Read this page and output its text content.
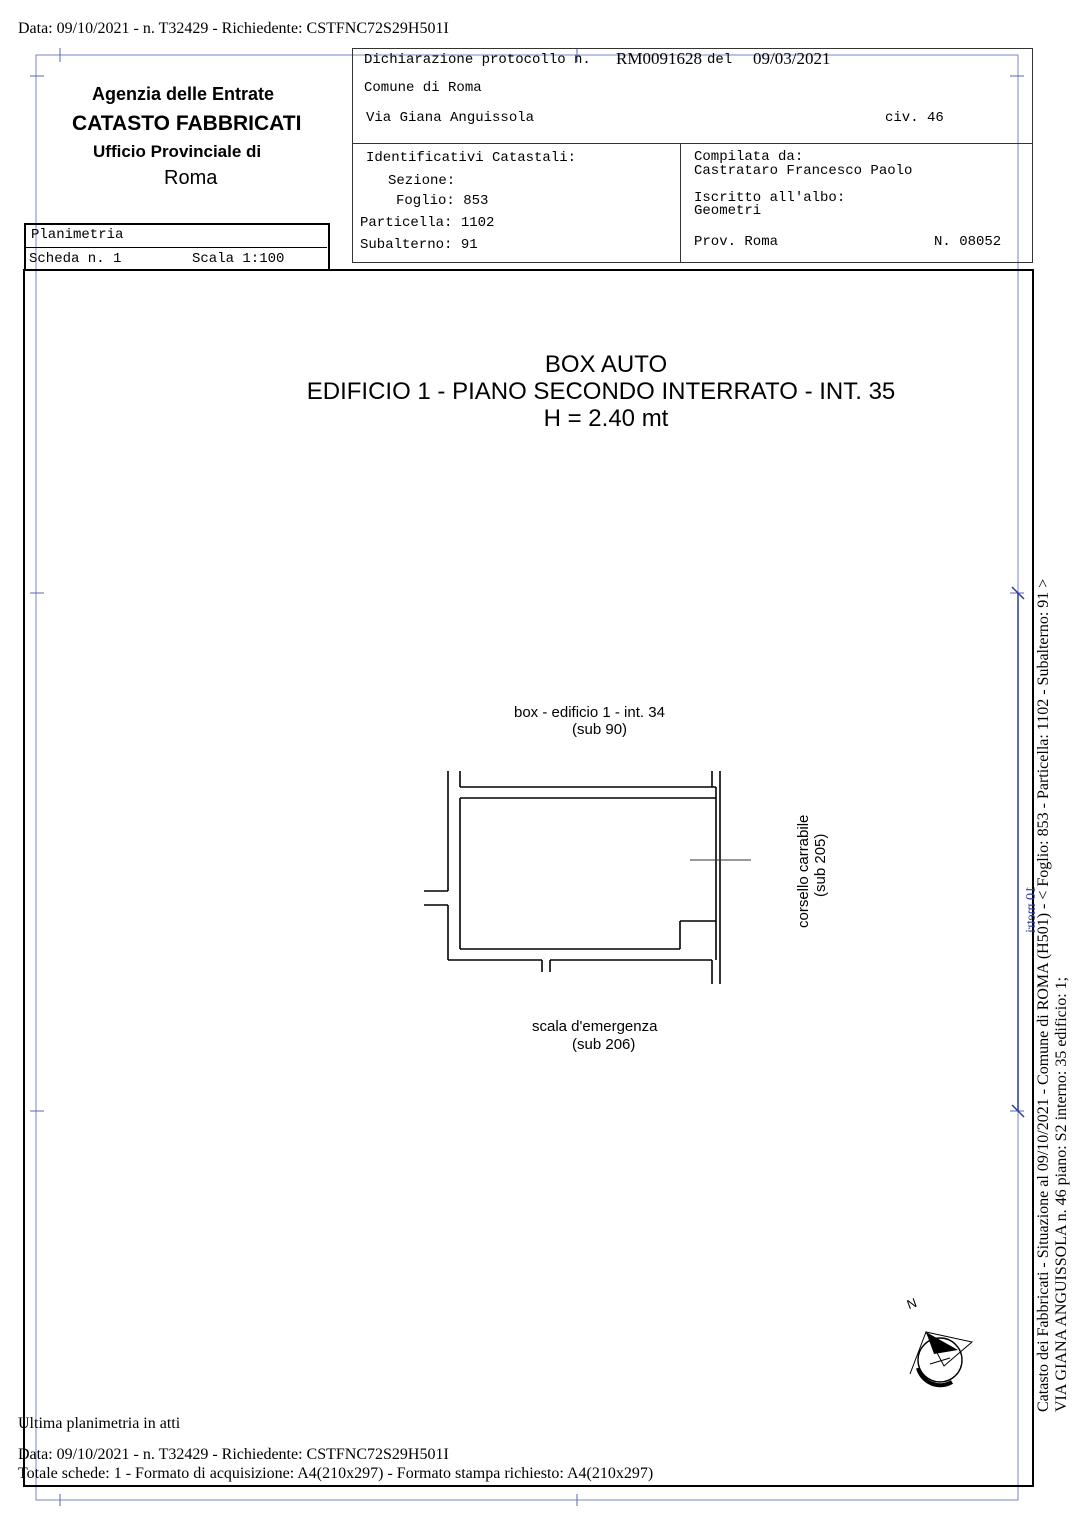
Data: 09/10/2021 - n. T32429 - Richiedente: CSTFNC72S29H501I
Agenzia delle Entrate
CATASTO FABBRICATI
Ufficio Provinciale di
Roma
Planimetria
Scheda n. 1	Scala 1:100
Dichiarazione protocollo n. RM0091628 del 09/03/2021
Comune di Roma
Via Giana Anguissola	civ. 46
Identificativi Catastali:
Sezione:
Foglio: 853
Particella: 1102
Subalterno: 91
Compilata da:
Castrataro Francesco Paolo
Iscritto all'albo:
Geometri
Prov. Roma	N. 08052
BOX AUTO
EDIFICIO 1 - PIANO SECONDO INTERRATO - INT. 35
H = 2.40 mt
box - edificio 1 - int. 34
(sub 90)
corsello carrabile (sub 205)
scala d'emergenza
(sub 206)
N
10 metri
Catasto dei Fabbricati - Situazione al 09/10/2021 - Comune di ROMA (H501) - < Foglio: 853 - Particella: 1102 - Subalterno: 91 > VIA GIANA ANGUISSOLA n. 46 piano: S2 interno: 35 edificio: 1;
Ultima planimetria in atti
Data: 09/10/2021 - n. T32429 - Richiedente: CSTFNC72S29H501I
Totale schede: 1 - Formato di acquisizione: A4(210x297) - Formato stampa richiesto: A4(210x297)
